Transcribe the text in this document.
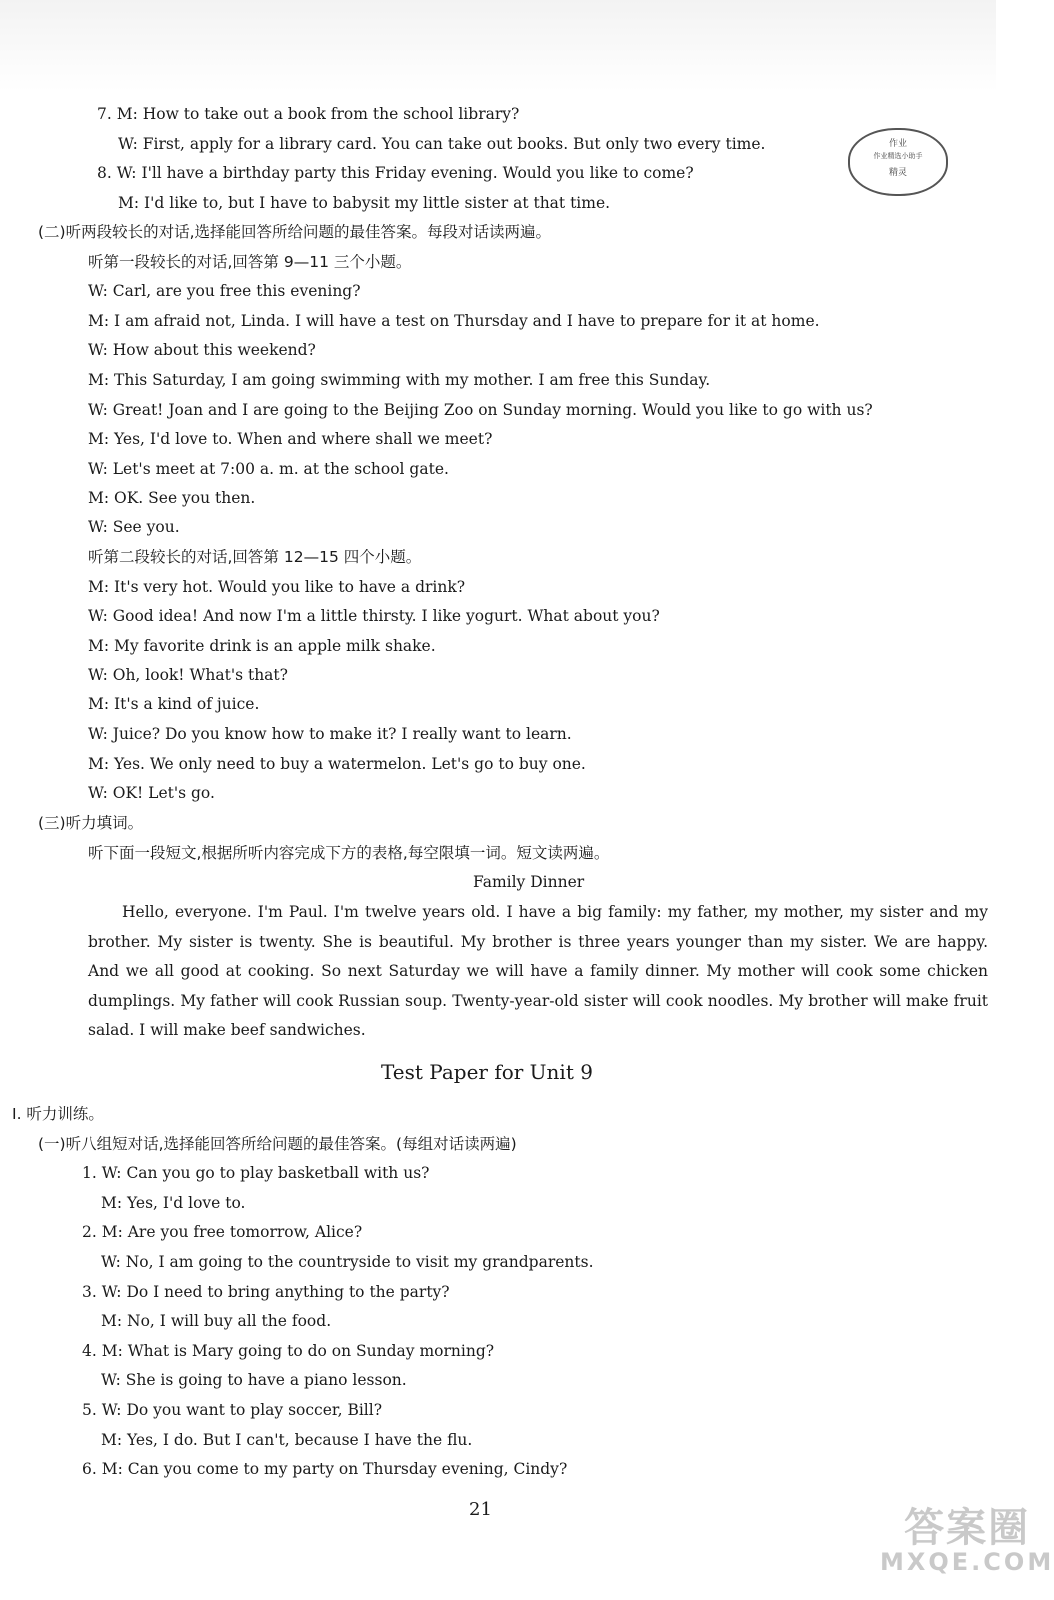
作业
作业精选小助手
精灵
7. M: How to take out a book from the school library?
W: First, apply for a library card. You can take out books. But only two every time.
8. W: I'll have a birthday party this Friday evening. Would you like to come?
M: I'd like to, but I have to babysit my little sister at that time.
(二)听两段较长的对话,选择能回答所给问题的最佳答案。每段对话读两遍。
听第一段较长的对话,回答第 9—11 三个小题。
W: Carl, are you free this evening?
M: I am afraid not, Linda. I will have a test on Thursday and I have to prepare for it at home.
W: How about this weekend?
M: This Saturday, I am going swimming with my mother. I am free this Sunday.
W: Great! Joan and I are going to the Beijing Zoo on Sunday morning. Would you like to go with us?
M: Yes, I'd love to. When and where shall we meet?
W: Let's meet at 7:00 a. m. at the school gate.
M: OK. See you then.
W: See you.
听第二段较长的对话,回答第 12—15 四个小题。
M: It's very hot. Would you like to have a drink?
W: Good idea! And now I'm a little thirsty. I like yogurt. What about you?
M: My favorite drink is an apple milk shake.
W: Oh, look! What's that?
M: It's a kind of juice.
W: Juice? Do you know how to make it? I really want to learn.
M: Yes. We only need to buy a watermelon. Let's go to buy one.
W: OK! Let's go.
(三)听力填词。
听下面一段短文,根据所听内容完成下方的表格,每空限填一词。短文读两遍。
Family Dinner
Hello, everyone. I'm Paul. I'm twelve years old. I have a big family: my father, my mother, my sister and my brother. My sister is twenty. She is beautiful. My brother is three years younger than my sister. We are happy. And we all good at cooking. So next Saturday we will have a family dinner. My mother will cook some chicken dumplings. My father will cook Russian soup. Twenty-year-old sister will cook noodles. My brother will make fruit salad. I will make beef sandwiches.
Test Paper for Unit 9
Ⅰ. 听力训练。
(一)听八组短对话,选择能回答所给问题的最佳答案。(每组对话读两遍)
1. W: Can you go to play basketball with us?
M: Yes, I'd love to.
2. M: Are you free tomorrow, Alice?
W: No, I am going to the countryside to visit my grandparents.
3. W: Do I need to bring anything to the party?
M: No, I will buy all the food.
4. M: What is Mary going to do on Sunday morning?
W: She is going to have a piano lesson.
5. W: Do you want to play soccer, Bill?
M: Yes, I do. But I can't, because I have the flu.
6. M: Can you come to my party on Thursday evening, Cindy?
21	答案圈
MXQE.COM
